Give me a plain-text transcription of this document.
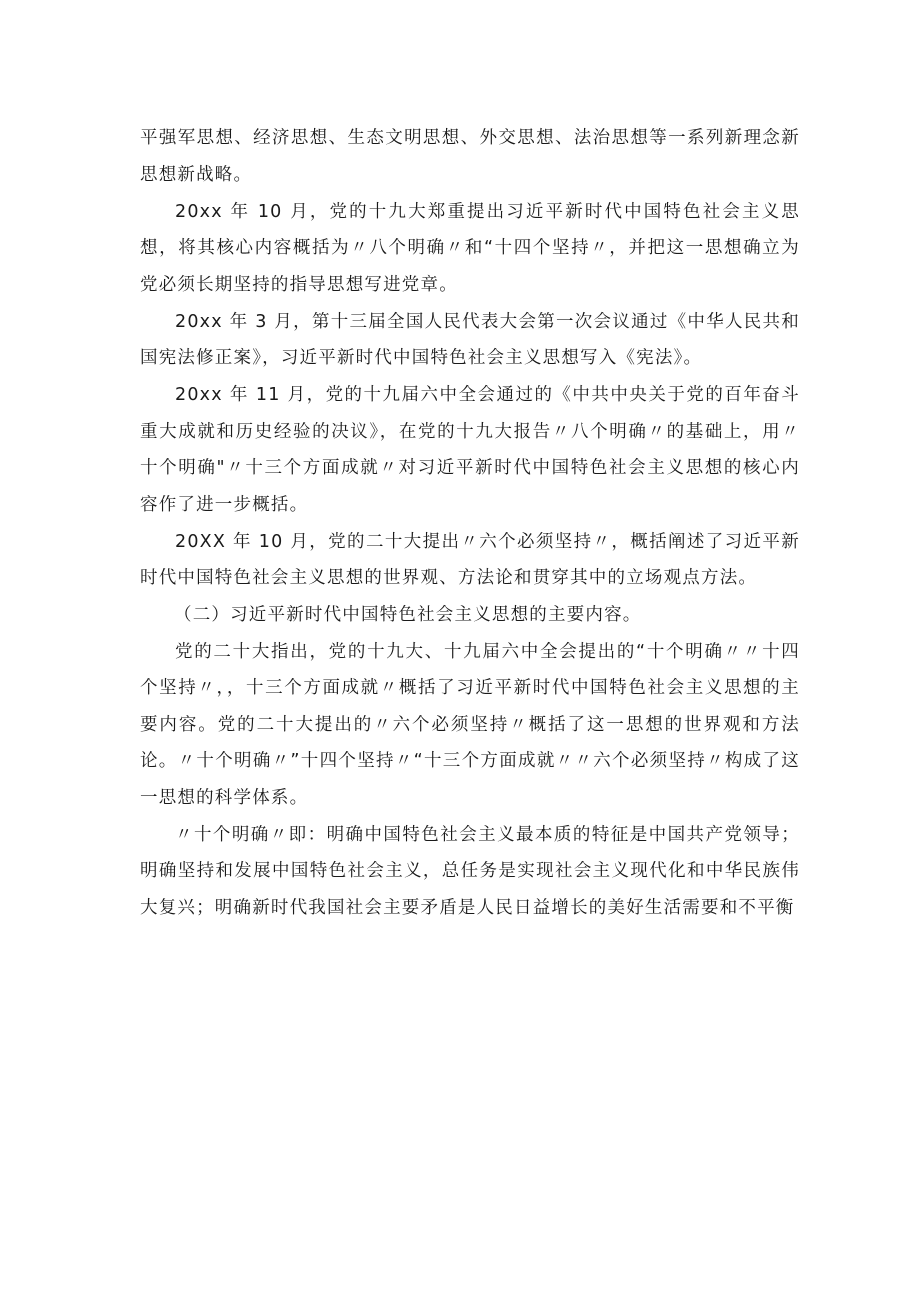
平强军思想、经济思想、生态文明思想、外交思想、法治思想等一系列新理念新思想新战略。

20xx 年 10 月，党的十九大郑重提出习近平新时代中国特色社会主义思想，将其核心内容概括为〃八个明确〃和“十四个坚持〃，并把这一思想确立为党必须长期坚持的指导思想写进党章。

20xx 年 3 月，第十三届全国人民代表大会第一次会议通过《中华人民共和国宪法修正案》，习近平新时代中国特色社会主义思想写入《宪法》。

20xx 年 11 月，党的十九届六中全会通过的《中共中央关于党的百年奋斗重大成就和历史经验的决议》，在党的十九大报告〃八个明确〃的基础上，用〃十个明确"〃十三个方面成就〃对习近平新时代中国特色社会主义思想的核心内容作了进一步概括。

20XX 年 10 月，党的二十大提出〃六个必须坚持〃，概括阐述了习近平新时代中国特色社会主义思想的世界观、方法论和贯穿其中的立场观点方法。

（二）习近平新时代中国特色社会主义思想的主要内容。

党的二十大指出，党的十九大、十九届六中全会提出的“十个明确〃〃十四个坚持〃，，十三个方面成就〃概括了习近平新时代中国特色社会主义思想的主要内容。党的二十大提出的〃六个必须坚持〃概括了这一思想的世界观和方法论。〃十个明确〃”十四个坚持〃“十三个方面成就〃〃六个必须坚持〃构成了这一思想的科学体系。

〃十个明确〃即：明确中国特色社会主义最本质的特征是中国共产党领导；明确坚持和发展中国特色社会主义，总任务是实现社会主义现代化和中华民族伟大复兴；明确新时代我国社会主要矛盾是人民日益增长的美好生活需要和不平衡
